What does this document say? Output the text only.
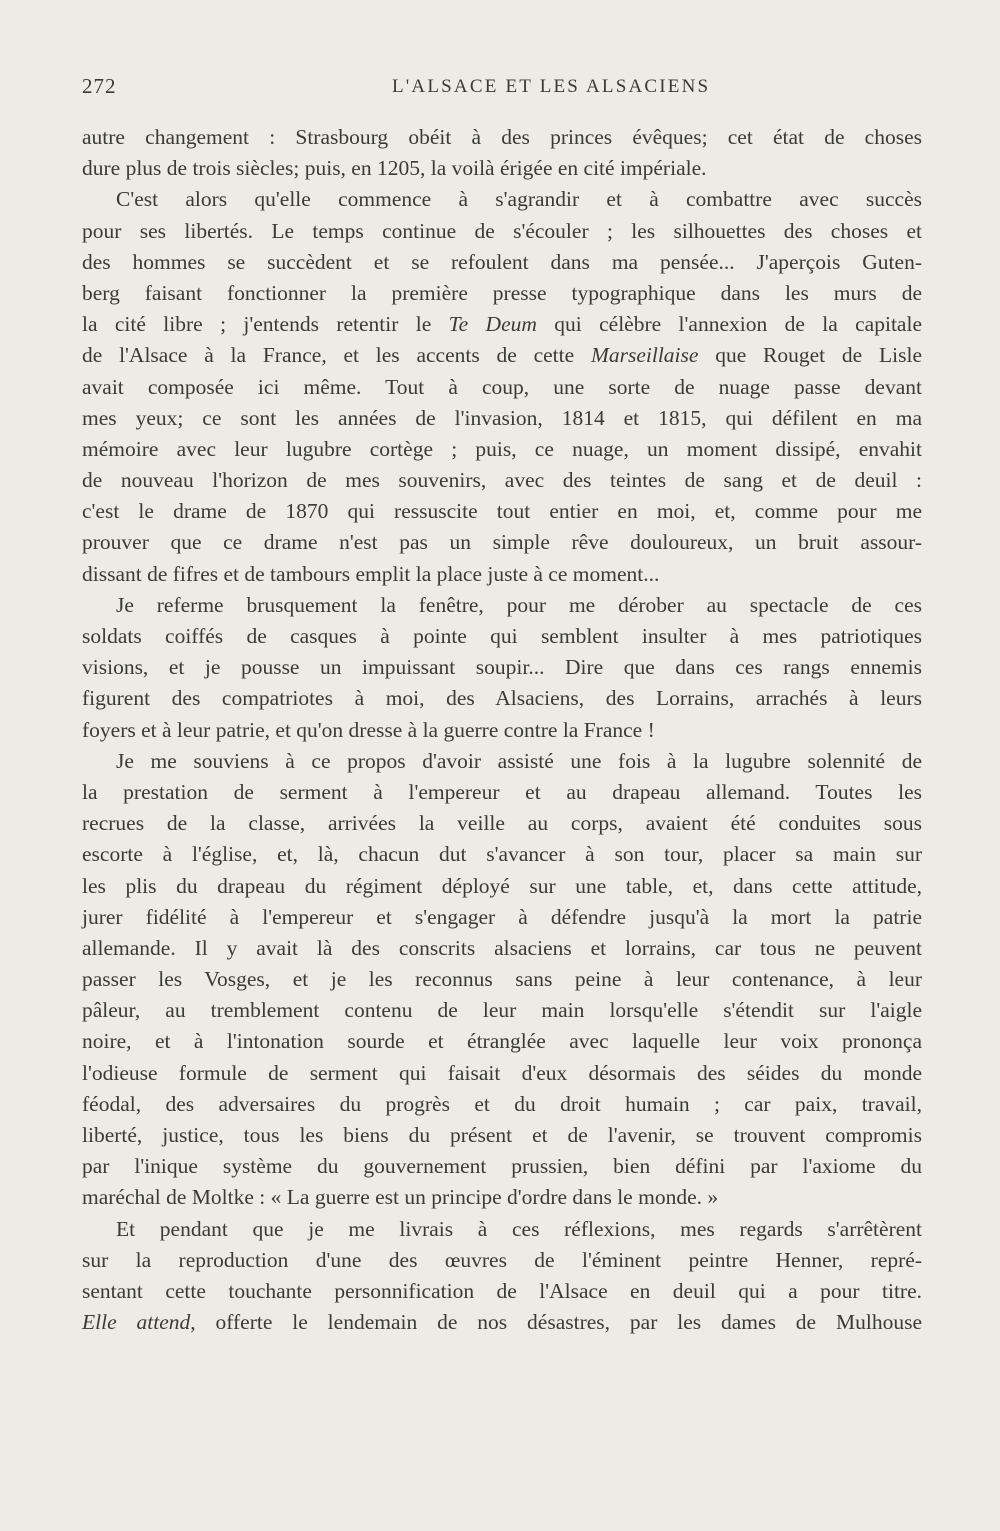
272	L'ALSACE ET LES ALSACIENS
autre changement : Strasbourg obéit à des princes évêques; cet état de choses
dure plus de trois siècles; puis, en 1205, la voilà érigée en cité impériale.
C'est alors qu'elle commence à s'agrandir et à combattre avec succès
pour ses libertés. Le temps continue de s'écouler ; les silhouettes des choses et
des hommes se succèdent et se refoulent dans ma pensée... J'aperçois Guten-
berg faisant fonctionner la première presse typographique dans les murs de
la cité libre ; j'entends retentir le Te Deum qui célèbre l'annexion de la capitale
de l'Alsace à la France, et les accents de cette Marseillaise que Rouget de Lisle
avait composée ici même. Tout à coup, une sorte de nuage passe devant
mes yeux; ce sont les années de l'invasion, 1814 et 1815, qui défilent en ma
mémoire avec leur lugubre cortège ; puis, ce nuage, un moment dissipé, envahit
de nouveau l'horizon de mes souvenirs, avec des teintes de sang et de deuil :
c'est le drame de 1870 qui ressuscite tout entier en moi, et, comme pour me
prouver que ce drame n'est pas un simple rêve douloureux, un bruit assour-
dissant de fifres et de tambours emplit la place juste à ce moment...
Je referme brusquement la fenêtre, pour me dérober au spectacle de ces
soldats coiffés de casques à pointe qui semblent insulter à mes patriotiques
visions, et je pousse un impuissant soupir... Dire que dans ces rangs ennemis
figurent des compatriotes à moi, des Alsaciens, des Lorrains, arrachés à leurs
foyers et à leur patrie, et qu'on dresse à la guerre contre la France !
Je me souviens à ce propos d'avoir assisté une fois à la lugubre solennité de
la prestation de serment à l'empereur et au drapeau allemand. Toutes les
recrues de la classe, arrivées la veille au corps, avaient été conduites sous
escorte à l'église, et, là, chacun dut s'avancer à son tour, placer sa main sur
les plis du drapeau du régiment déployé sur une table, et, dans cette attitude,
jurer fidélité à l'empereur et s'engager à défendre jusqu'à la mort la patrie
allemande. Il y avait là des conscrits alsaciens et lorrains, car tous ne peuvent
passer les Vosges, et je les reconnus sans peine à leur contenance, à leur
pâleur, au tremblement contenu de leur main lorsqu'elle s'étendit sur l'aigle
noire, et à l'intonation sourde et étranglée avec laquelle leur voix prononça
l'odieuse formule de serment qui faisait d'eux désormais des séides du monde
féodal, des adversaires du progrès et du droit humain ; car paix, travail,
liberté, justice, tous les biens du présent et de l'avenir, se trouvent compromis
par l'inique système du gouvernement prussien, bien défini par l'axiome du
maréchal de Moltke : « La guerre est un principe d'ordre dans le monde. »
Et pendant que je me livrais à ces réflexions, mes regards s'arrêtèrent
sur la reproduction d'une des œuvres de l'éminent peintre Henner, repré-
sentant cette touchante personnification de l'Alsace en deuil qui a pour titre.
Elle attend, offerte le lendemain de nos désastres, par les dames de Mulhouse
